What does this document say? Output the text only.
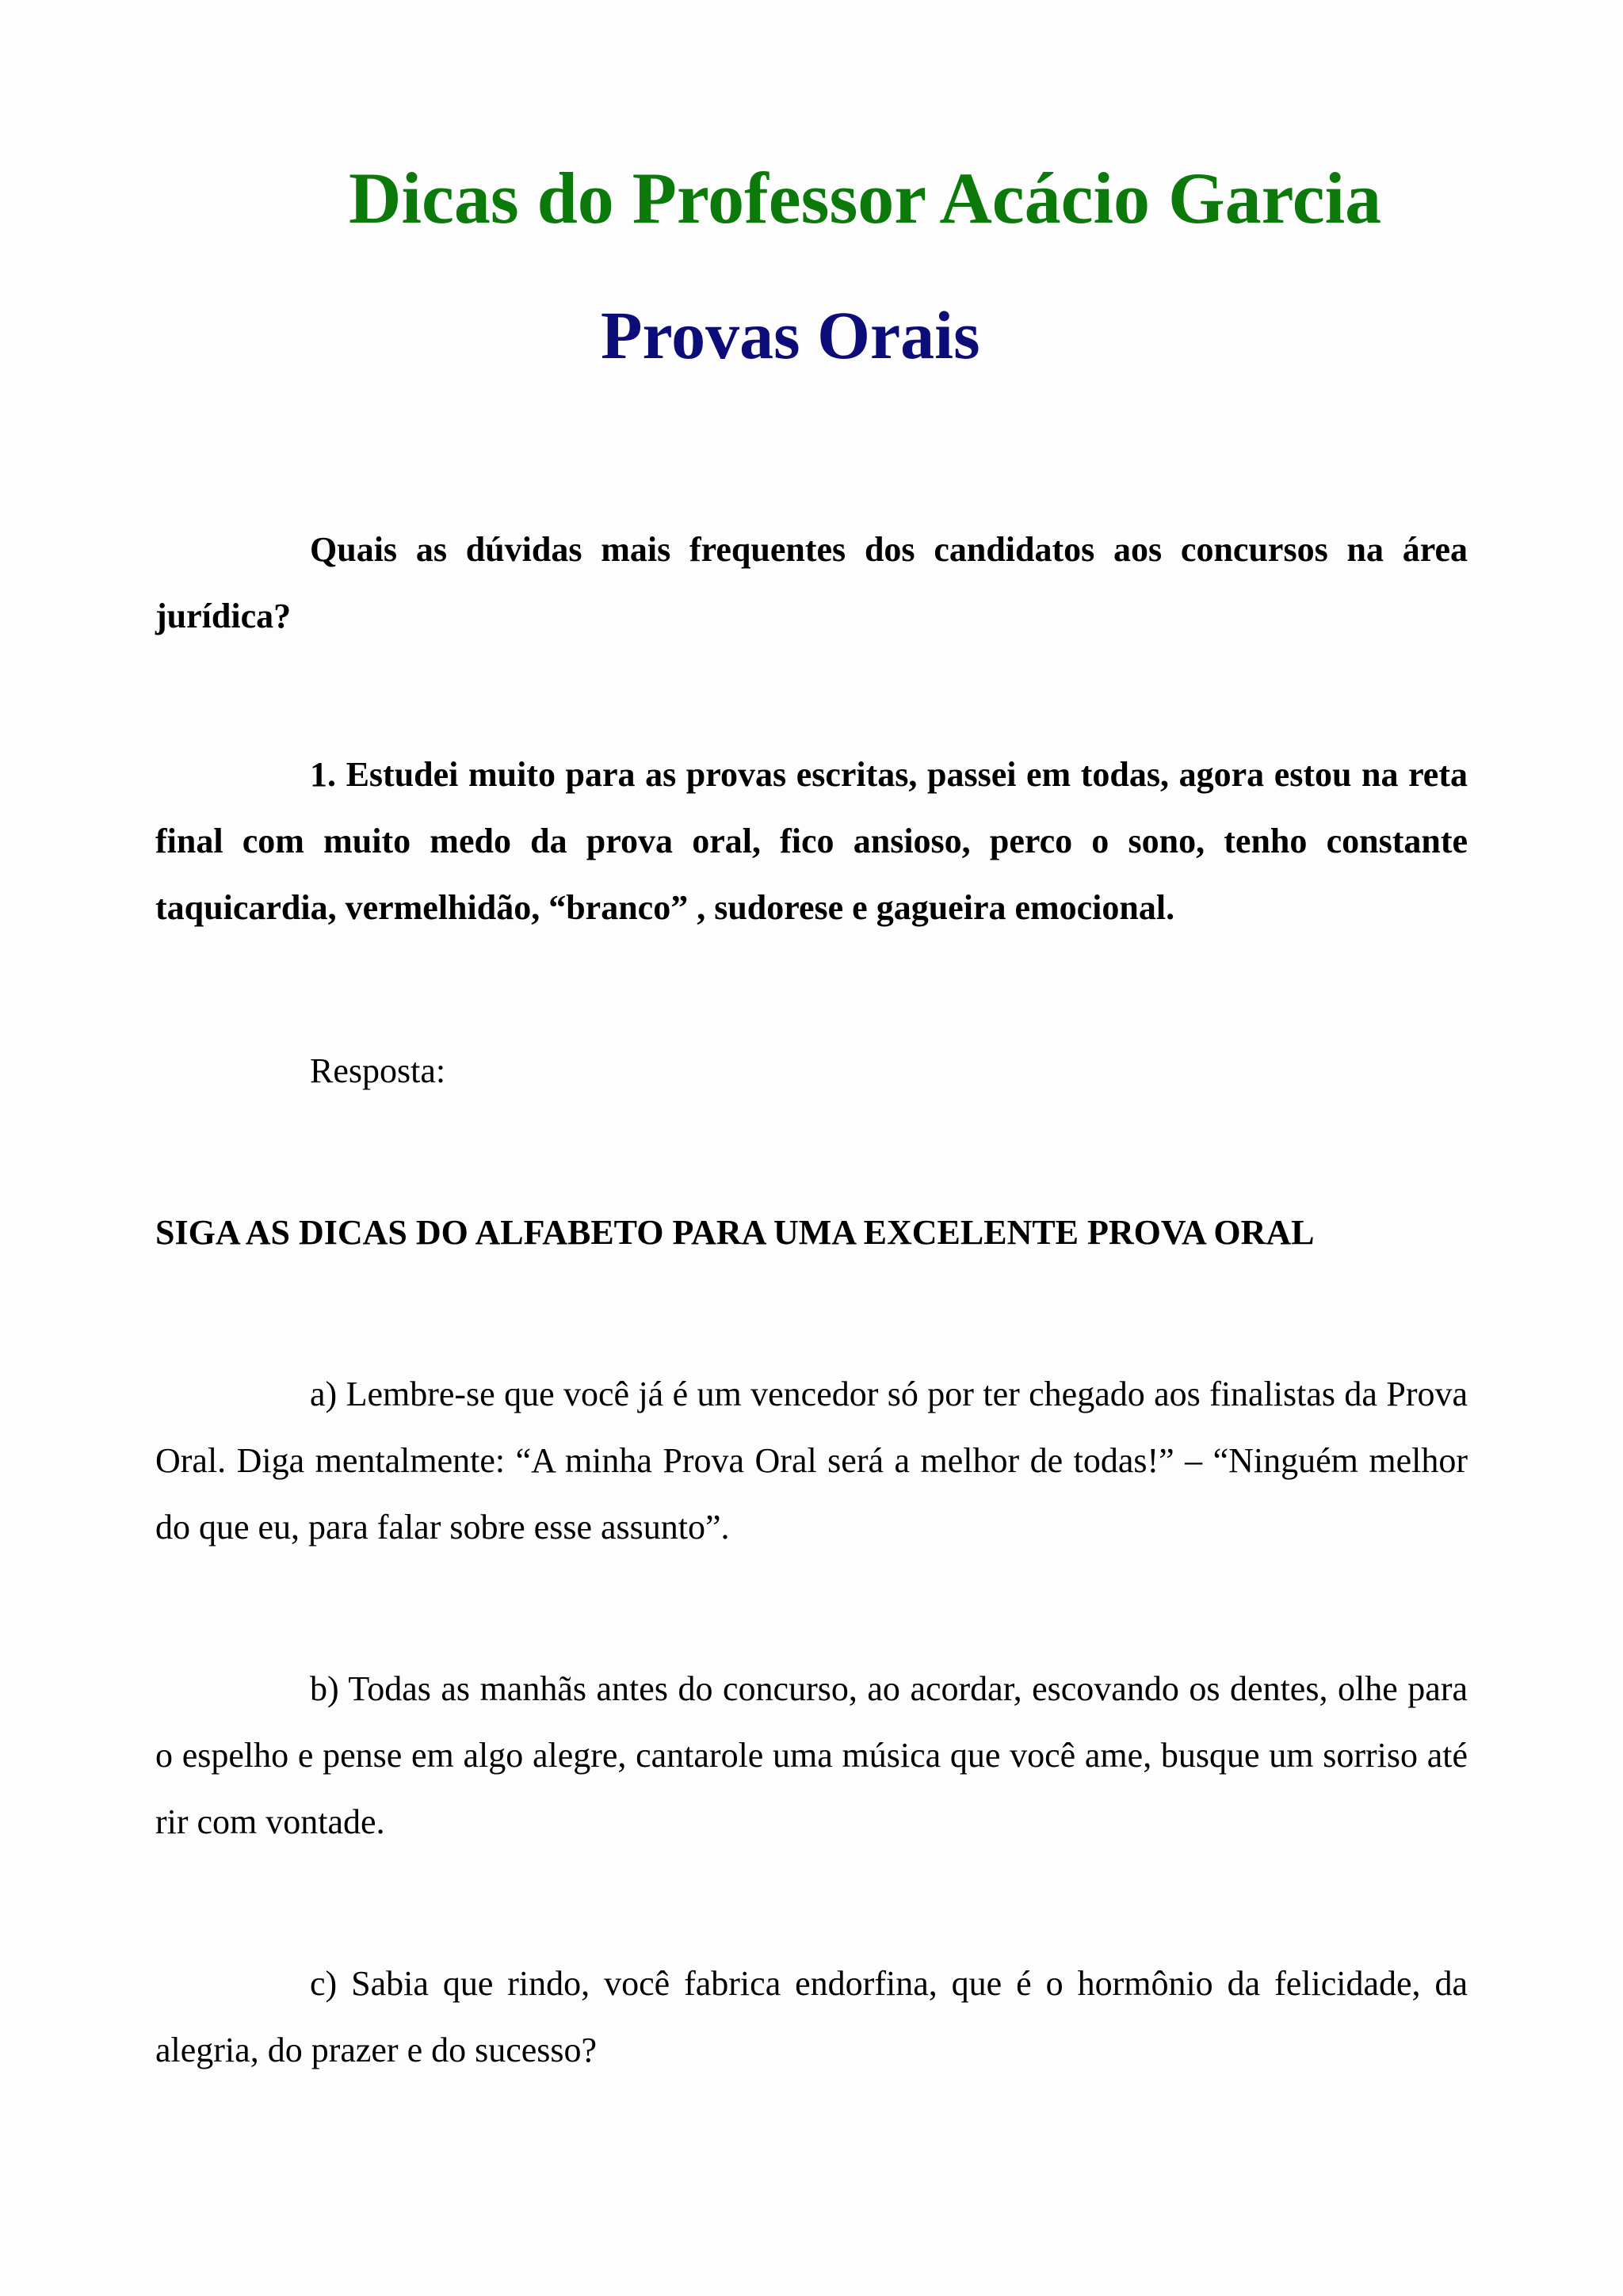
Dicas do Professor Acácio Garcia
Provas Orais

Quais as dúvidas mais frequentes dos candidatos aos concursos na área jurídica?

1. Estudei muito para as provas escritas, passei em todas, agora estou na reta final com muito medo da prova oral, fico ansioso, perco o sono, tenho constante taquicardia, vermelhidão, “branco” , sudorese e gagueira emocional.

Resposta:

SIGA AS DICAS DO ALFABETO PARA UMA EXCELENTE PROVA ORAL

a) Lembre-se que você já é um vencedor só por ter chegado aos finalistas da Prova Oral. Diga mentalmente: “A minha Prova Oral será a melhor de todas!” – “Ninguém melhor do que eu, para falar sobre esse assunto”.

b) Todas as manhãs antes do concurso, ao acordar, escovando os dentes, olhe para o espelho e pense em algo alegre, cantarole uma música que você ame, busque um sorriso até rir com vontade.

c) Sabia que rindo, você fabrica endorfina, que é o hormônio da felicidade, da alegria, do prazer e do sucesso?
